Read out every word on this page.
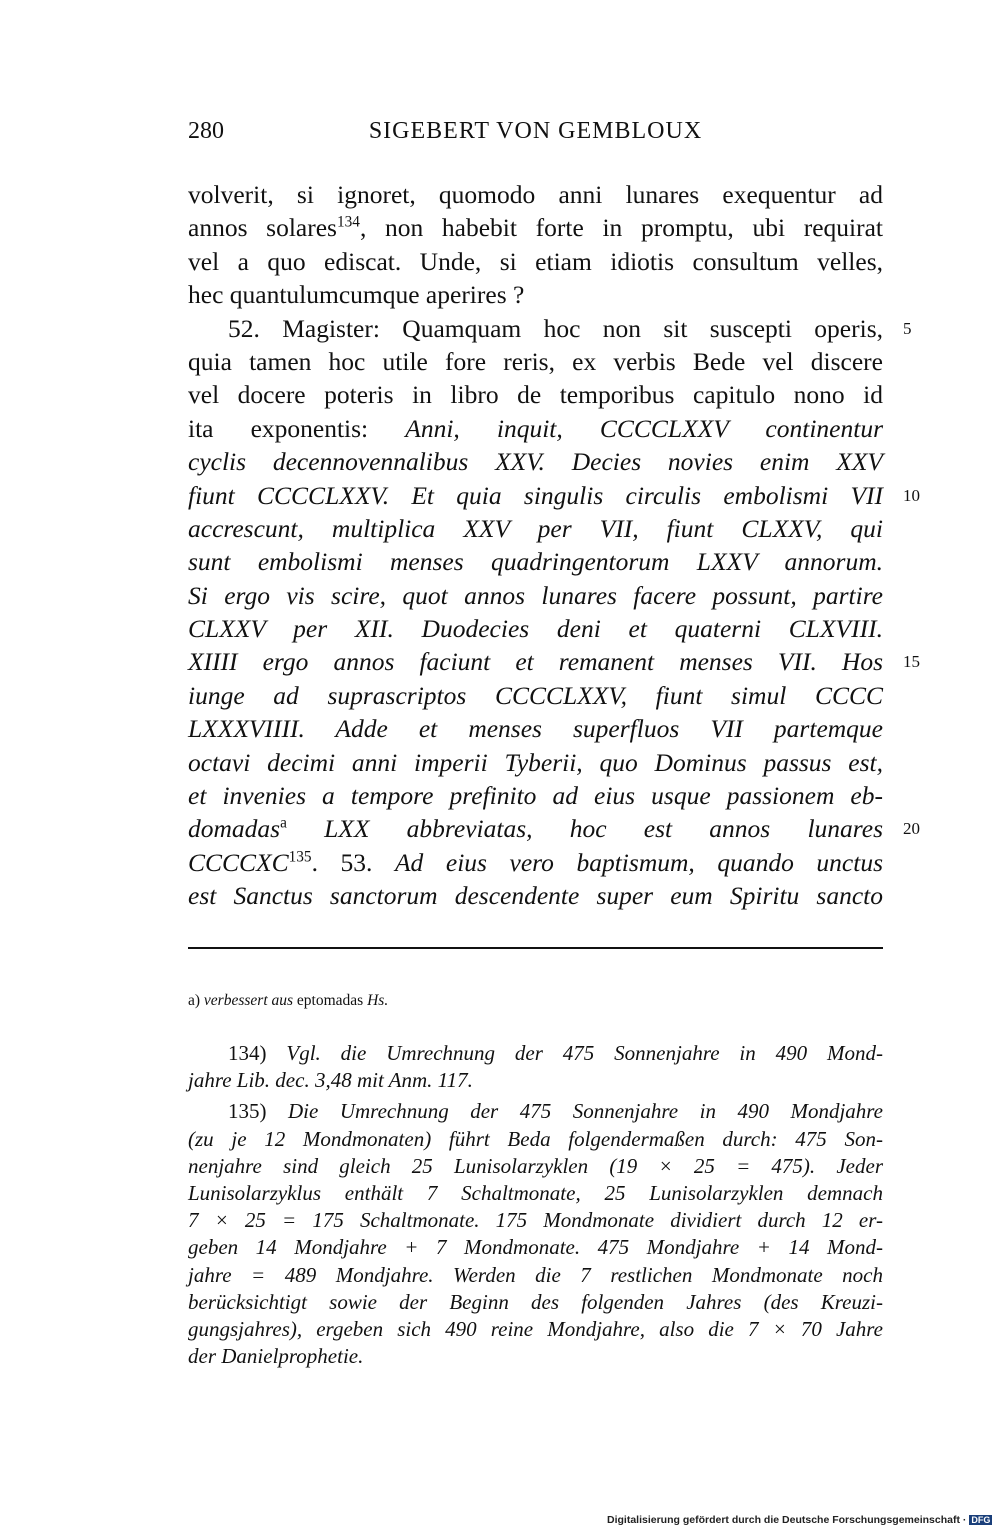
280	SIGEBERT VON GEMBLOUX
volverit, si ignoret, quomodo anni lunares exequentur ad
annos solares$^{134}$, non habebit forte in promptu, ubi requirat
vel a quo ediscat. Unde, si etiam idiotis consultum velles,
hec quantulumcumque aperires ?
52. Magister: Quamquam hoc non sit suscepti operis, 5
quia tamen hoc utile fore reris, ex verbis Bede vel discere
vel docere poteris in libro de temporibus capitulo nono id
ita exponentis: Anni, inquit, CCCCLXXV continentur
cyclis decennovennalibus XXV. Decies novies enim XXV
fiunt CCCCLXXV. Et quia singulis circulis embolismi VII 10
accrescunt, multiplica XXV per VII, fiunt CLXXV, qui
sunt embolismi menses quadringentorum LXXV annorum.
Si ergo vis scire, quot annos lunares facere possunt, partire
CLXXV per XII. Duodecies deni et quaterni CLXVIII.
XIIII ergo annos faciunt et remanent menses VII. Hos 15
iunge ad suprascriptos CCCCLXXV, fiunt simul CCCC
LXXXVIIII. Adde et menses superfluos VII partemque
octavi decimi anni imperii Tyberii, quo Dominus passus est,
et invenies a tempore prefinito ad eius usque passionem eb-
domadas$^a$ LXX abbreviatas, hoc est annos lunares 20
CCCCXC$^{135}$. 53. Ad eius vero baptismum, quando unctus
est Sanctus sanctorum descendente super eum Spiritu sancto
a) verbessert aus eptomadas Hs.
134) Vgl. die Umrechnung der 475 Sonnenjahre in 490 Mond-
jahre Lib. dec. 3,48 mit Anm. 117.
135) Die Umrechnung der 475 Sonnenjahre in 490 Mondjahre
(zu je 12 Mondmonaten) führt Beda folgendermaßen durch: 475 Son-
nenjahre sind gleich 25 Lunisolarzyklen (19 × 25 = 475). Jeder
Lunisolarzyklus enthält 7 Schaltmonate, 25 Lunisolarzyklen demnach
7 × 25 = 175 Schaltmonate. 175 Mondmonate dividiert durch 12 er-
geben 14 Mondjahre + 7 Mondmonate. 475 Mondjahre + 14 Mond-
jahre = 489 Mondjahre. Werden die 7 restlichen Mondmonate noch
berücksichtigt sowie der Beginn des folgenden Jahres (des Kreuzi-
gungsjahres), ergeben sich 490 reine Mondjahre, also die 7 × 70 Jahre
der Danielprophetie.
Digitalisierung gefördert durch die Deutsche Forschungsgemeinschaft · DFG
